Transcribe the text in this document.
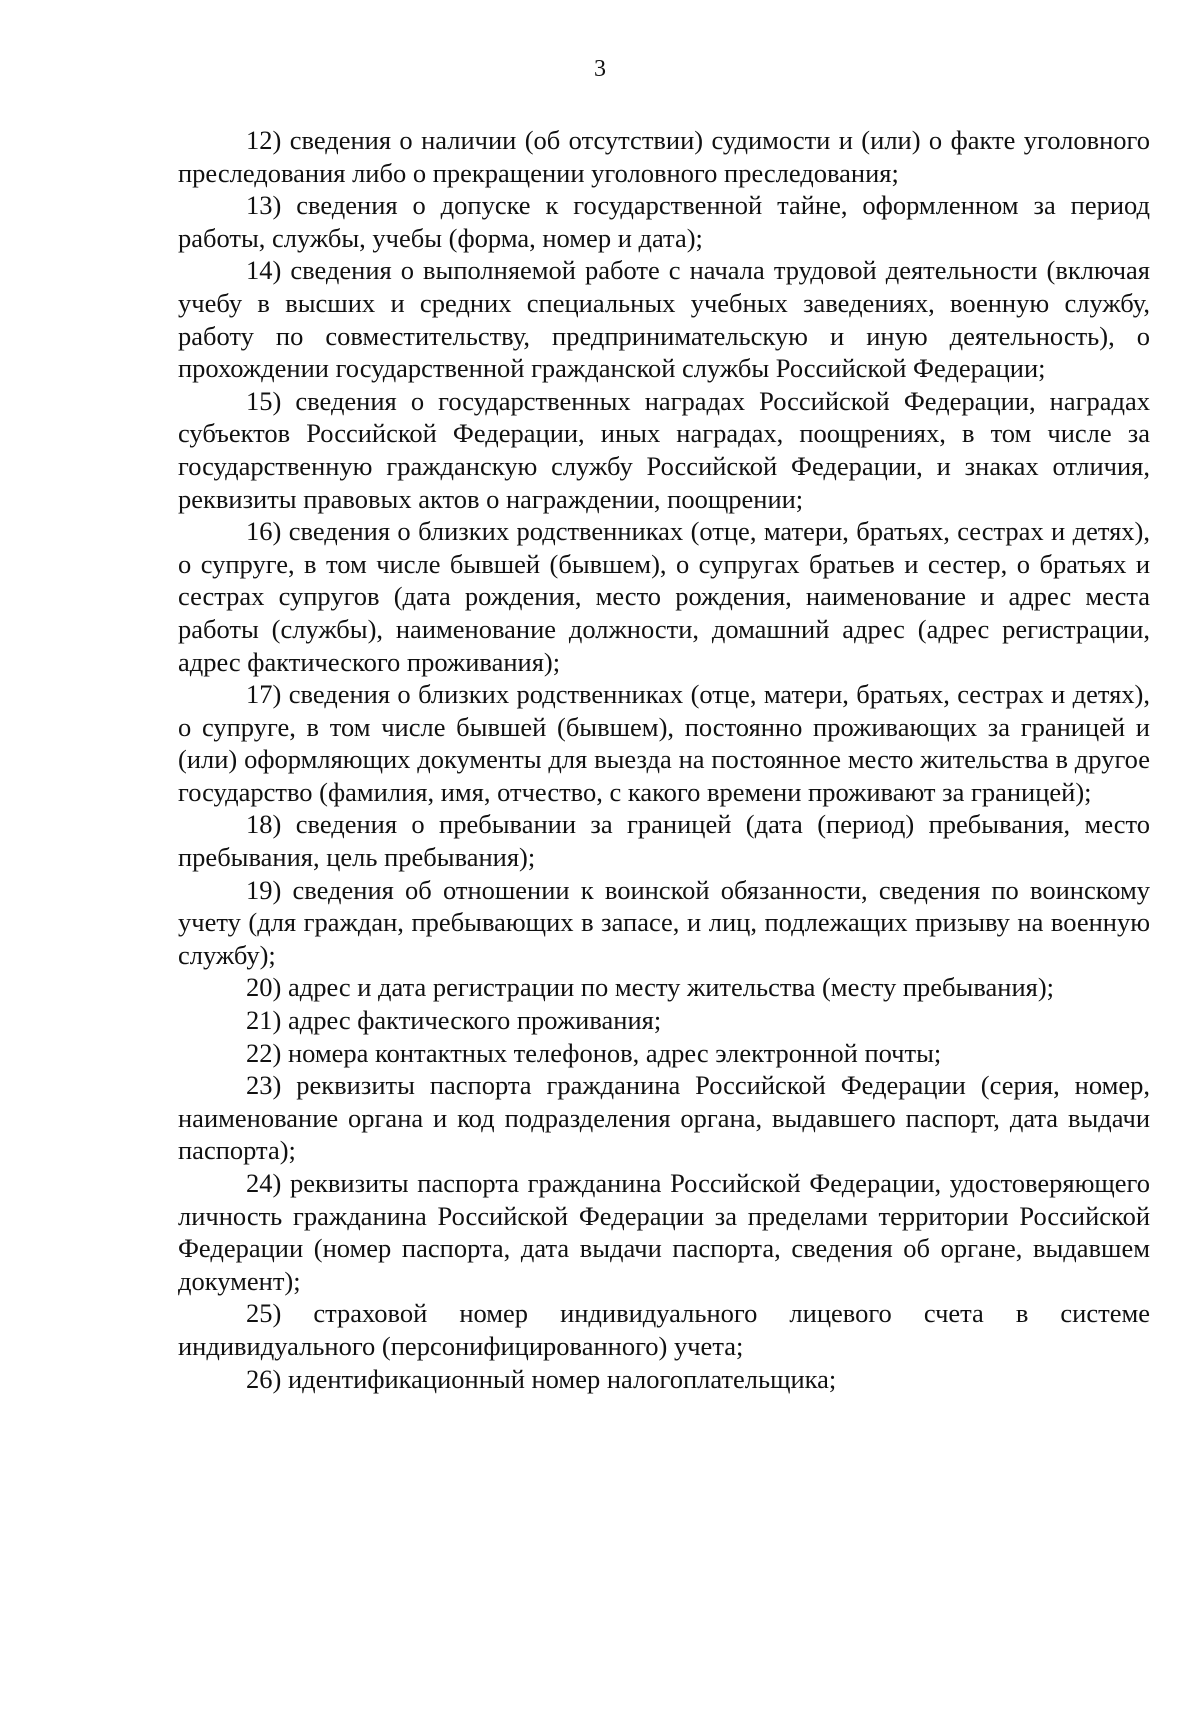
3

12) сведения о наличии (об отсутствии) судимости и (или) о факте уголовного преследования либо о прекращении уголовного преследования;

13) сведения о допуске к государственной тайне, оформленном за период работы, службы, учебы (форма, номер и дата);

14) сведения о выполняемой работе с начала трудовой деятельности (включая учебу в высших и средних специальных учебных заведениях, военную службу, работу по совместительству, предпринимательскую и иную деятельность), о прохождении государственной гражданской службы Российской Федерации;

15) сведения о государственных наградах Российской Федерации, наградах субъектов Российской Федерации, иных наградах, поощрениях, в том числе за государственную гражданскую службу Российской Федерации, и знаках отличия, реквизиты правовых актов о награждении, поощрении;

16) сведения о близких родственниках (отце, матери, братьях, сестрах и детях), о супруге, в том числе бывшей (бывшем), о супругах братьев и сестер, о братьях и сестрах супругов (дата рождения, место рождения, наименование и адрес места работы (службы), наименование должности, домашний адрес (адрес регистрации, адрес фактического проживания);

17) сведения о близких родственниках (отце, матери, братьях, сестрах и детях), о супруге, в том числе бывшей (бывшем), постоянно проживающих за границей и (или) оформляющих документы для выезда на постоянное место жительства в другое государство (фамилия, имя, отчество, с какого времени проживают за границей);

18) сведения о пребывании за границей (дата (период) пребывания, место пребывания, цель пребывания);

19) сведения об отношении к воинской обязанности, сведения по воинскому учету (для граждан, пребывающих в запасе, и лиц, подлежащих призыву на военную службу);

20) адрес и дата регистрации по месту жительства (месту пребывания);

21) адрес фактического проживания;

22) номера контактных телефонов, адрес электронной почты;

23) реквизиты паспорта гражданина Российской Федерации (серия, номер, наименование органа и код подразделения органа, выдавшего паспорт, дата выдачи паспорта);

24) реквизиты паспорта гражданина Российской Федерации, удостоверяющего личность гражданина Российской Федерации за пределами территории Российской Федерации (номер паспорта, дата выдачи паспорта, сведения об органе, выдавшем документ);

25) страховой номер индивидуального лицевого счета в системе индивидуального (персонифицированного) учета;

26) идентификационный номер налогоплательщика;
